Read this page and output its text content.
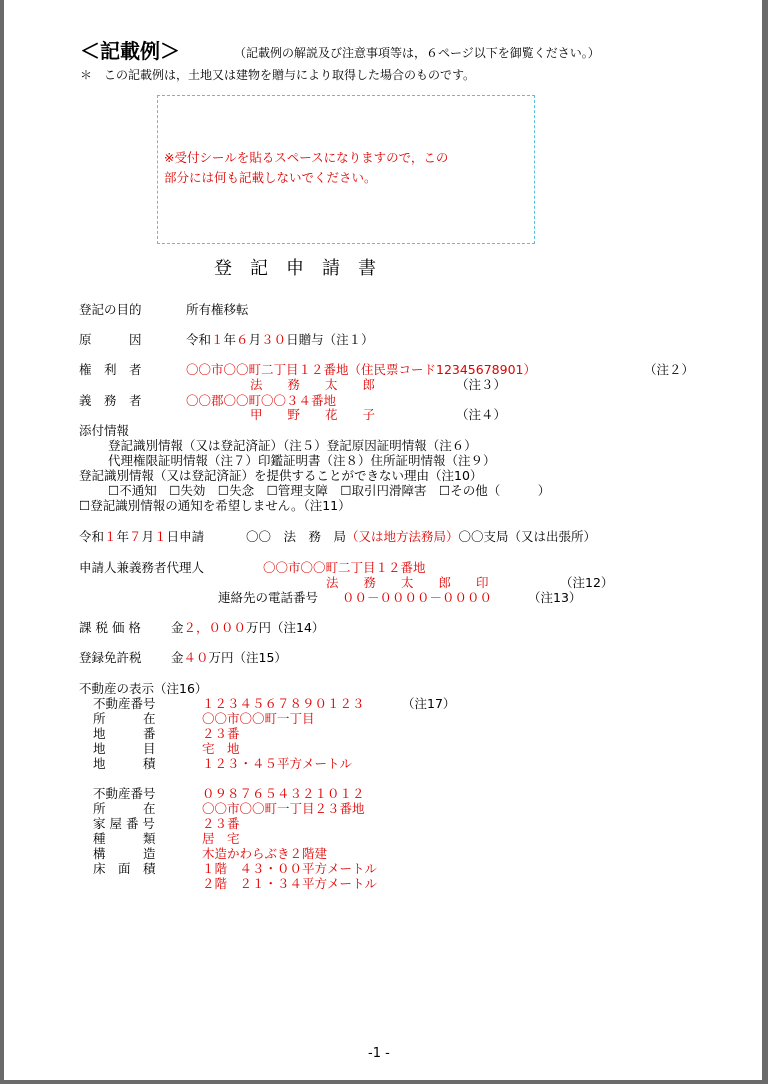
＜記載例＞	（記載例の解説及び注意事項等は，６ページ以下を御覧ください。）
＊　この記載例は，土地又は建物を贈与により取得した場合のものです。
※受付シールを貼るスペースになりますので，この
部分には何も記載しないでください。
登　記　申　請　書
登記の目的	所有権移転
原　　　因	令和１年６月３０日贈与（注１）
権　利　者	〇〇市〇〇町二丁目１２番地（住民票コード12345678901）	（注２）
法　　務　　太　　郎	（注３）
義　務　者	〇〇郡〇〇町〇〇３４番地
甲　　野　　花　　子	（注４）
添付情報
登記識別情報（又は登記済証）（注５）登記原因証明情報（注６）
代理権限証明情報（注７）印鑑証明書（注８）住所証明情報（注９）
登記識別情報（又は登記済証）を提供することができない理由（注10）
☐不通知　☐失効　☐失念　☐管理支障　☐取引円滑障害　☐その他（　　　）
☐登記識別情報の通知を希望しません。（注11）
令和１年７月１日申請	〇〇　法　務　局（又は地方法務局）〇〇支局（又は出張所）
申請人兼義務者代理人	〇〇市〇〇町二丁目１２番地
法　　務　　太　　郎　　印	（注12）
連絡先の電話番号 ００－００００－００００	（注13）
課 税 価 格 金２，０００万円（注14）
登録免許税 金４０万円（注15）
不動産の表示（注16）
不動産番号	１２３４５６７８９０１２３	（注17）
所　　　在	〇〇市〇〇町一丁目
地　　　番	２３番
地　　　目	宅　地
地　　　積	１２３・４５平方メートル
不動産番号	０９８７６５４３２１０１２
所　　　在	〇〇市〇〇町一丁目２３番地
家 屋 番 号	２３番
種　　　類	居　宅
構　　　造	木造かわらぶき２階建
床　面　積	１階　４３・００平方メートル
２階　２１・３４平方メートル
-1 -
